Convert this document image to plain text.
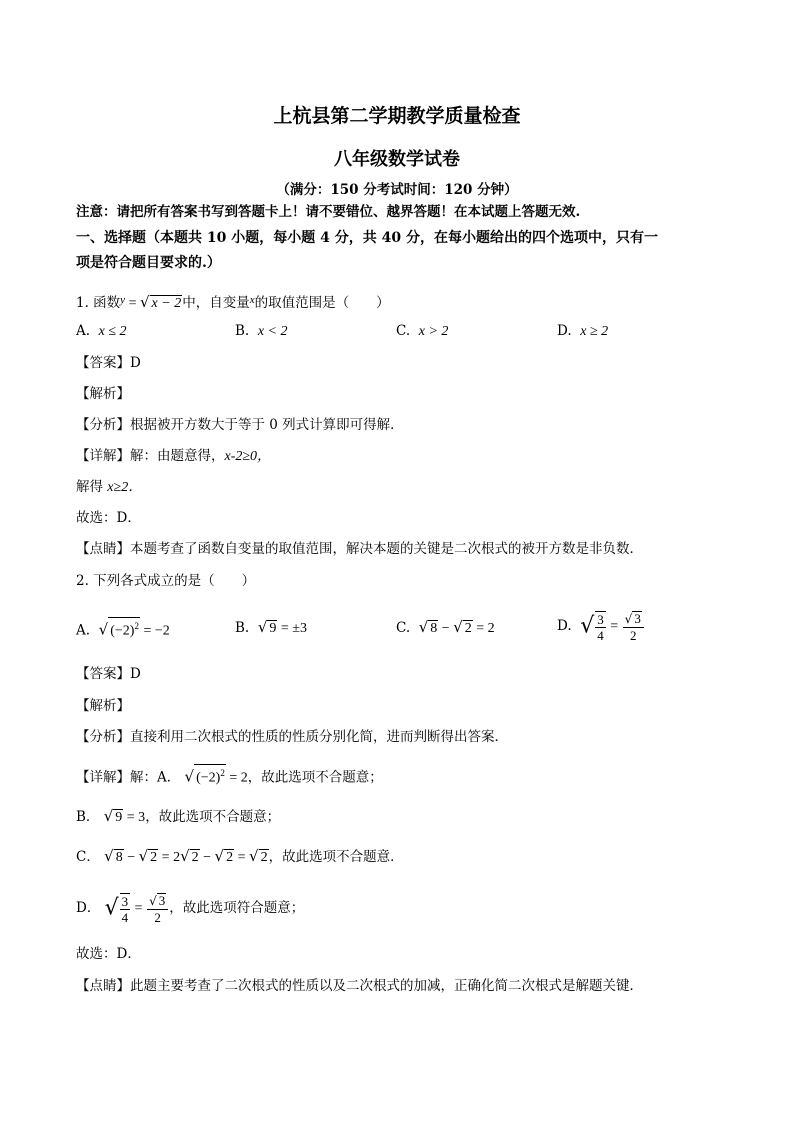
上杭县第二学期教学质量检查
八年级数学试卷
（满分：150 分考试时间：120 分钟）
注意：请把所有答案书写到答题卡上！请不要错位、越界答题！在本试题上答题无效.
一、选择题（本题共 10 小题，每小题 4 分，共 40 分，在每小题给出的四个选项中，只有一
项是符合题目要求的.）
1. 函数$^y$ = √ x − 2中，自变量$^x$的取值范围是（　　）
A. x ≤ 2	B. x < 2	C. x > 2	D. x ≥ 2
【答案】D
【解析】
【分析】根据被开方数大于等于 0 列式计算即可得解．
【详解】解：由题意得，x-2≥0，
解得 x≥2．
故选：D．
【点睛】本题考查了函数自变量的取值范围，解决本题的关键是二次根式的被开方数是非负数．
2. 下列各式成立的是（　　）
A. √ $(-2)^2 = -2$	B. √ 9 = ±3	C. √ 8 − √ 2 = 2	D. √ $\frac{3}{4} = \frac{√ 3}{2}$
【答案】D
【解析】
【分析】直接利用二次根式的性质的性质分别化简，进而判断得出答案．
【详解】解：A． √ $(-2)^2 = 2$，故此选项不合题意；
B． √ 9 = 3，故此选项不合题意；
C． √ 8 − √ 2 = 2√ 2 − √ 2 = √ 2，故此选项不合题意．
D． √ $\frac{3}{4} = \frac{√ 3}{2}$ ，故此选项符合题意；
故选：D．
【点睛】此题主要考查了二次根式的性质以及二次根式的加减，正确化简二次根式是解题关键．
